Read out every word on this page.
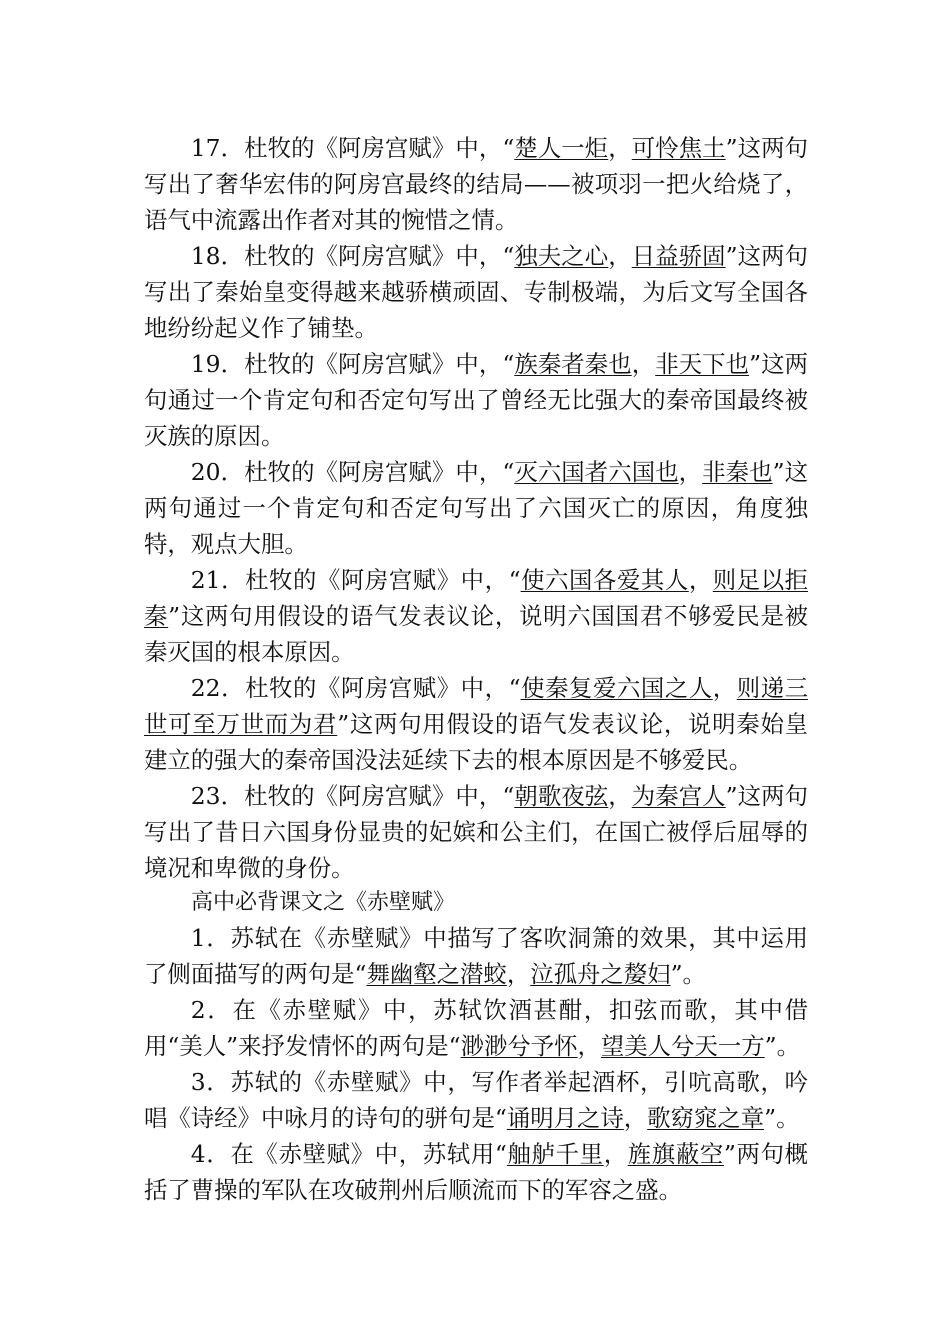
17．杜牧的《阿房宫赋》中，“楚人一炬，可怜焦土”这两句写出了奢华宏伟的阿房宫最终的结局——被项羽一把火给烧了，语气中流露出作者对其的惋惜之情。

18．杜牧的《阿房宫赋》中，“独夫之心，日益骄固”这两句写出了秦始皇变得越来越骄横顽固、专制极端，为后文写全国各地纷纷起义作了铺垫。

19．杜牧的《阿房宫赋》中，“族秦者秦也，非天下也”这两句通过一个肯定句和否定句写出了曾经无比强大的秦帝国最终被灭族的原因。

20．杜牧的《阿房宫赋》中，“灭六国者六国也，非秦也”这两句通过一个肯定句和否定句写出了六国灭亡的原因，角度独特，观点大胆。

21．杜牧的《阿房宫赋》中，“使六国各爱其人，则足以拒秦”这两句用假设的语气发表议论，说明六国国君不够爱民是被秦灭国的根本原因。

22．杜牧的《阿房宫赋》中，“使秦复爱六国之人，则递三世可至万世而为君”这两句用假设的语气发表议论，说明秦始皇建立的强大的秦帝国没法延续下去的根本原因是不够爱民。

23．杜牧的《阿房宫赋》中，“朝歌夜弦，为秦宫人”这两句写出了昔日六国身份显贵的妃嫔和公主们，在国亡被俘后屈辱的境况和卑微的身份。

高中必背课文之《赤壁赋》

1．苏轼在《赤壁赋》中描写了客吹洞箫的效果，其中运用了侧面描写的两句是“舞幽壑之潜蛟，泣孤舟之嫠妇”。

2．在《赤壁赋》中，苏轼饮酒甚酣，扣弦而歌，其中借用“美人”来抒发情怀的两句是“渺渺兮予怀，望美人兮天一方”。

3．苏轼的《赤壁赋》中，写作者举起酒杯，引吭高歌，吟唱《诗经》中咏月的诗句的骈句是“诵明月之诗，歌窈窕之章”。

4．在《赤壁赋》中，苏轼用“舳舻千里，旌旗蔽空”两句概括了曹操的军队在攻破荆州后顺流而下的军容之盛。
